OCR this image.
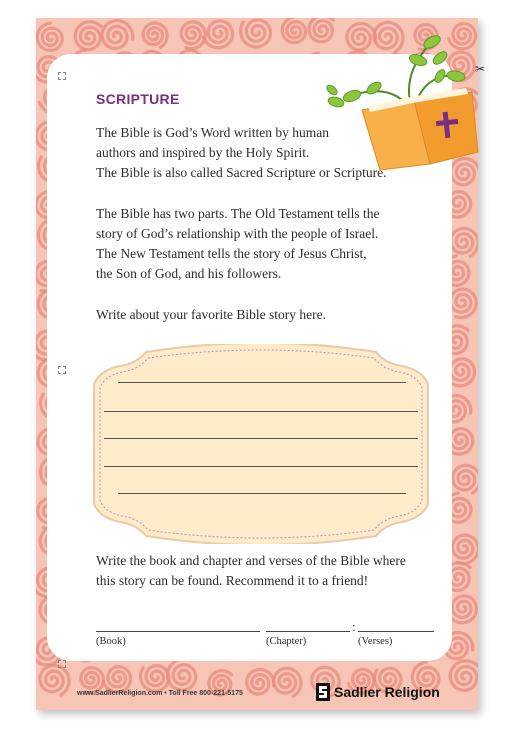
✂
SCRIPTURE
The Bible is God’s Word written by human
authors and inspired by the Holy Spirit.
The Bible is also called Sacred Scripture or Scripture.
The Bible has two parts. The Old Testament tells the
story of God’s relationship with the people of Israel.
The New Testament tells the story of Jesus Christ,
the Son of God, and his followers.
Write about your favorite Bible story here.
Write the book and chapter and verses of the Bible where
this story can be found. Recommend it to a friend!
:
(Book)	(Chapter)	(Verses)
www.SadlierReligion.com • Toll Free 800-221-5175	Sadlier Religion
